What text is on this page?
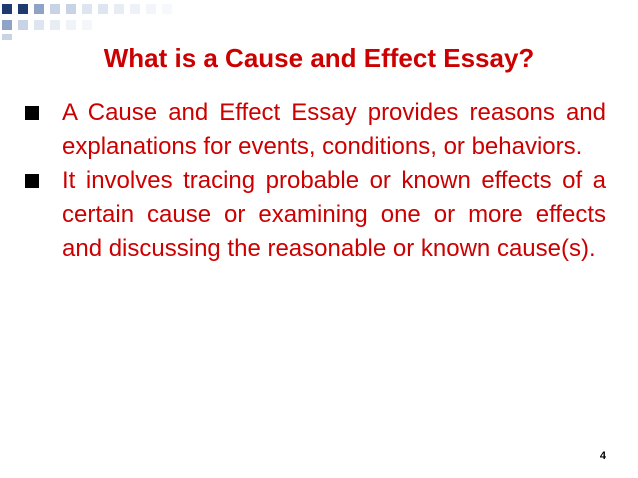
What is a Cause and Effect Essay?

A Cause and Effect Essay provides reasons and explanations for events, conditions, or behaviors.

It involves tracing probable or known effects of a certain cause or examining one or more effects and discussing the reasonable or known cause(s).

4
